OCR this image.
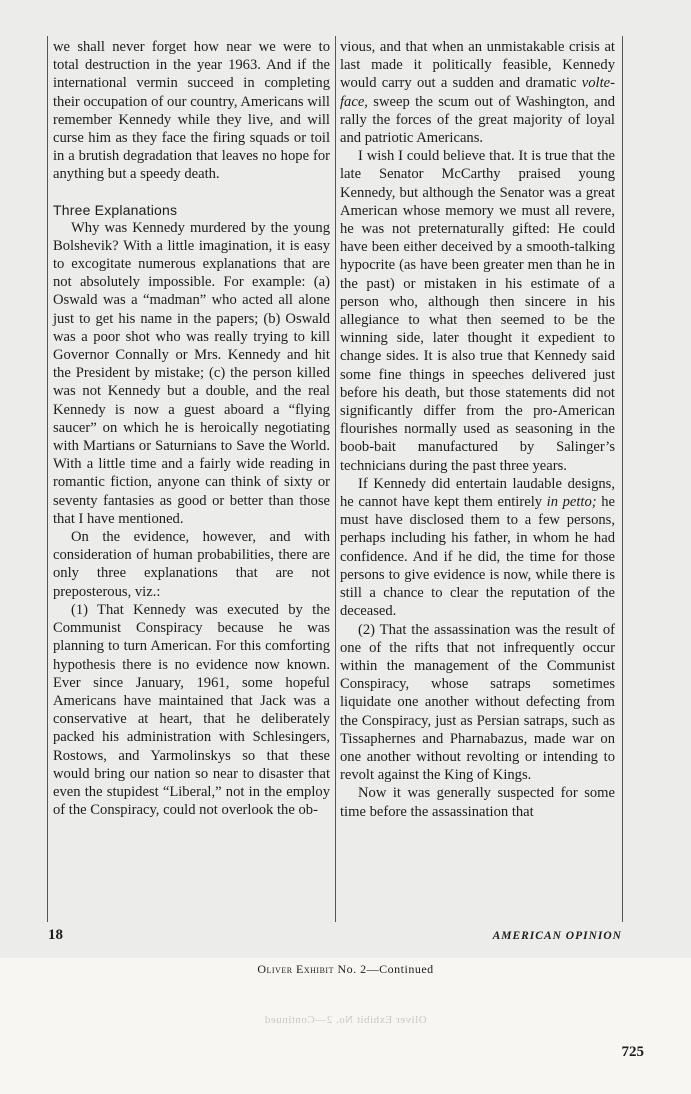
we shall never forget how near we were to total destruction in the year 1963. And if the international vermin succeed in completing their occupation of our country, Americans will remember Kennedy while they live, and will curse him as they face the firing squads or toil in a brutish degradation that leaves no hope for anything but a speedy death.

Three Explanations

Why was Kennedy murdered by the young Bolshevik? With a little imagination, it is easy to excogitate numerous explanations that are not absolutely impossible. For example: (a) Oswald was a “madman” who acted all alone just to get his name in the papers; (b) Oswald was a poor shot who was really trying to kill Governor Connally or Mrs. Kennedy and hit the President by mistake; (c) the person killed was not Kennedy but a double, and the real Kennedy is now a guest aboard a “flying saucer” on which he is heroically negotiating with Martians or Saturnians to Save the World. With a little time and a fairly wide reading in romantic fiction, anyone can think of sixty or seventy fantasies as good or better than those that I have mentioned.

On the evidence, however, and with consideration of human probabilities, there are only three explanations that are not preposterous, viz.:

(1) That Kennedy was executed by the Communist Conspiracy because he was planning to turn American. For this comforting hypothesis there is no evidence now known. Ever since January, 1961, some hopeful Americans have maintained that Jack was a conservative at heart, that he deliberately packed his administration with Schlesingers, Rostows, and Yarmolinskys so that these would bring our nation so near to disaster that even the stupidest “Liberal,” not in the employ of the Conspiracy, could not overlook the ob-

vious, and that when an unmistakable crisis at last made it politically feasible, Kennedy would carry out a sudden and dramatic volte-face, sweep the scum out of Washington, and rally the forces of the great majority of loyal and patriotic Americans.

I wish I could believe that. It is true that the late Senator McCarthy praised young Kennedy, but although the Senator was a great American whose memory we must all revere, he was not preternaturally gifted: He could have been either deceived by a smooth-talking hypocrite (as have been greater men than he in the past) or mistaken in his estimate of a person who, although then sincere in his allegiance to what then seemed to be the winning side, later thought it expedient to change sides. It is also true that Kennedy said some fine things in speeches delivered just before his death, but those statements did not significantly differ from the pro-American flourishes normally used as seasoning in the boob-bait manufactured by Salinger’s technicians during the past three years.

If Kennedy did entertain laudable designs, he cannot have kept them entirely in petto; he must have disclosed them to a few persons, perhaps including his father, in whom he had confidence. And if he did, the time for those persons to give evidence is now, while there is still a chance to clear the reputation of the deceased.

(2) That the assassination was the result of one of the rifts that not infrequently occur within the management of the Communist Conspiracy, whose satraps sometimes liquidate one another without defecting from the Conspiracy, just as Persian satraps, such as Tissaphernes and Pharnabazus, made war on one another without revolting or intending to revolt against the King of Kings.

Now it was generally suspected for some time before the assassination that

18	AMERICAN OPINION
Oliver Exhibit No. 2—Continued
Oliver Exhibit No. 2—Continued
725
